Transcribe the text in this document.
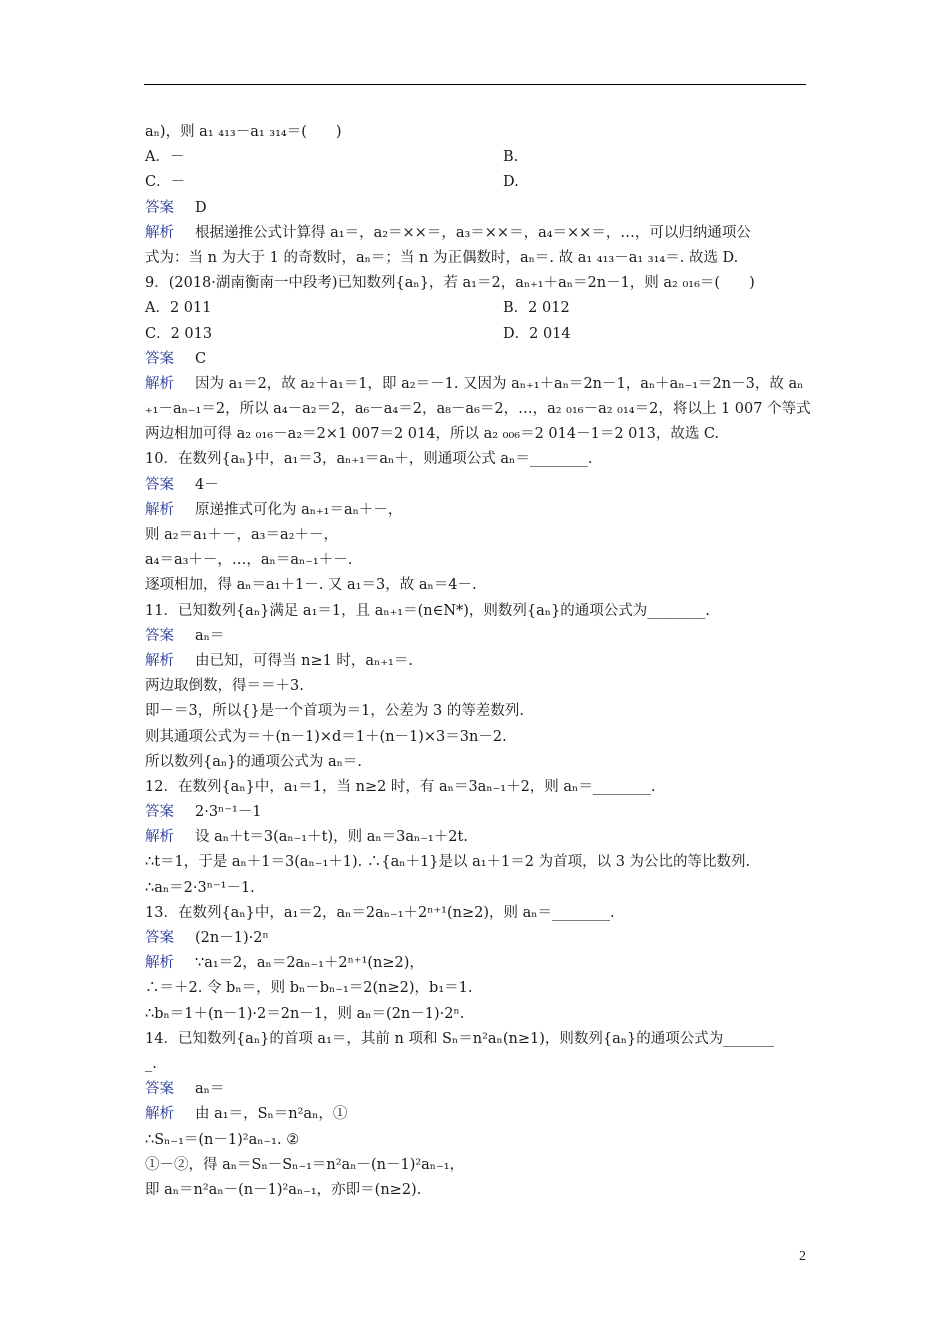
aₙ)，则 a₁ ₄₁₃－a₁ ₃₁₄＝(　　)
A．－	B.
C．－	D.
答案 D
解析 根据递推公式计算得 a₁＝，a₂＝××＝，a₃＝××＝，a₄＝××＝，…，可以归纳通项公
式为：当 n 为大于 1 的奇数时，aₙ＝；当 n 为正偶数时，aₙ＝. 故 a₁ ₄₁₃－a₁ ₃₁₄＝. 故选 D.
9．(2018·湖南衡南一中段考)已知数列{aₙ}，若 a₁＝2，aₙ₊₁＋aₙ＝2n－1，则 a₂ ₀₁₆＝(　　)
A．2 011	B．2 012
C．2 013	D．2 014
答案 C
解析 因为 a₁＝2，故 a₂＋a₁＝1，即 a₂＝－1. 又因为 aₙ₊₁＋aₙ＝2n－1，aₙ＋aₙ₋₁＝2n－3，故 aₙ
₊₁－aₙ₋₁＝2，所以 a₄－a₂＝2，a₆－a₄＝2，a₈－a₆＝2，…，a₂ ₀₁₆－a₂ ₀₁₄＝2，将以上 1 007 个等式
两边相加可得 a₂ ₀₁₆－a₂＝2×1 007＝2 014，所以 a₂ ₀₀₆＝2 014－1＝2 013，故选 C.
10．在数列{aₙ}中，a₁＝3，aₙ₊₁＝aₙ＋，则通项公式 aₙ＝________.
答案 4－
解析 原递推式可化为 aₙ₊₁＝aₙ＋－，
则 a₂＝a₁＋－，a₃＝a₂＋－，
a₄＝a₃＋－，…，aₙ＝aₙ₋₁＋－.
逐项相加，得 aₙ＝a₁＋1－. 又 a₁＝3，故 aₙ＝4－.
11．已知数列{aₙ}满足 a₁＝1，且 aₙ₊₁＝(n∈N*)，则数列{aₙ}的通项公式为________.
答案 aₙ＝
解析 由已知，可得当 n≥1 时，aₙ₊₁＝.
两边取倒数，得＝＝＋3.
即－＝3，所以{}是一个首项为＝1，公差为 3 的等差数列.
则其通项公式为＝＋(n－1)×d＝1＋(n－1)×3＝3n－2.
所以数列{aₙ}的通项公式为 aₙ＝.
12．在数列{aₙ}中，a₁＝1，当 n≥2 时，有 aₙ＝3aₙ₋₁＋2，则 aₙ＝________.
答案 2·3ⁿ⁻¹－1
解析 设 aₙ＋t＝3(aₙ₋₁＋t)，则 aₙ＝3aₙ₋₁＋2t.
∴t＝1，于是 aₙ＋1＝3(aₙ₋₁＋1). ∴{aₙ＋1}是以 a₁＋1＝2 为首项，以 3 为公比的等比数列.
∴aₙ＝2·3ⁿ⁻¹－1.
13．在数列{aₙ}中，a₁＝2，aₙ＝2aₙ₋₁＋2ⁿ⁺¹(n≥2)，则 aₙ＝________.
答案 (2n－1)·2ⁿ
解析 ∵a₁＝2，aₙ＝2aₙ₋₁＋2ⁿ⁺¹(n≥2)，
∴＝＋2. 令 bₙ＝，则 bₙ－bₙ₋₁＝2(n≥2)，b₁＝1.
∴bₙ＝1＋(n－1)·2＝2n－1，则 aₙ＝(2n－1)·2ⁿ.
14．已知数列{aₙ}的首项 a₁＝，其前 n 项和 Sₙ＝n²aₙ(n≥1)，则数列{aₙ}的通项公式为_______
_.
答案 aₙ＝
解析 由 a₁＝，Sₙ＝n²aₙ，①
∴Sₙ₋₁＝(n－1)²aₙ₋₁. ②
①－②，得 aₙ＝Sₙ－Sₙ₋₁＝n²aₙ－(n－1)²aₙ₋₁，
即 aₙ＝n²aₙ－(n－1)²aₙ₋₁，亦即＝(n≥2).
2
